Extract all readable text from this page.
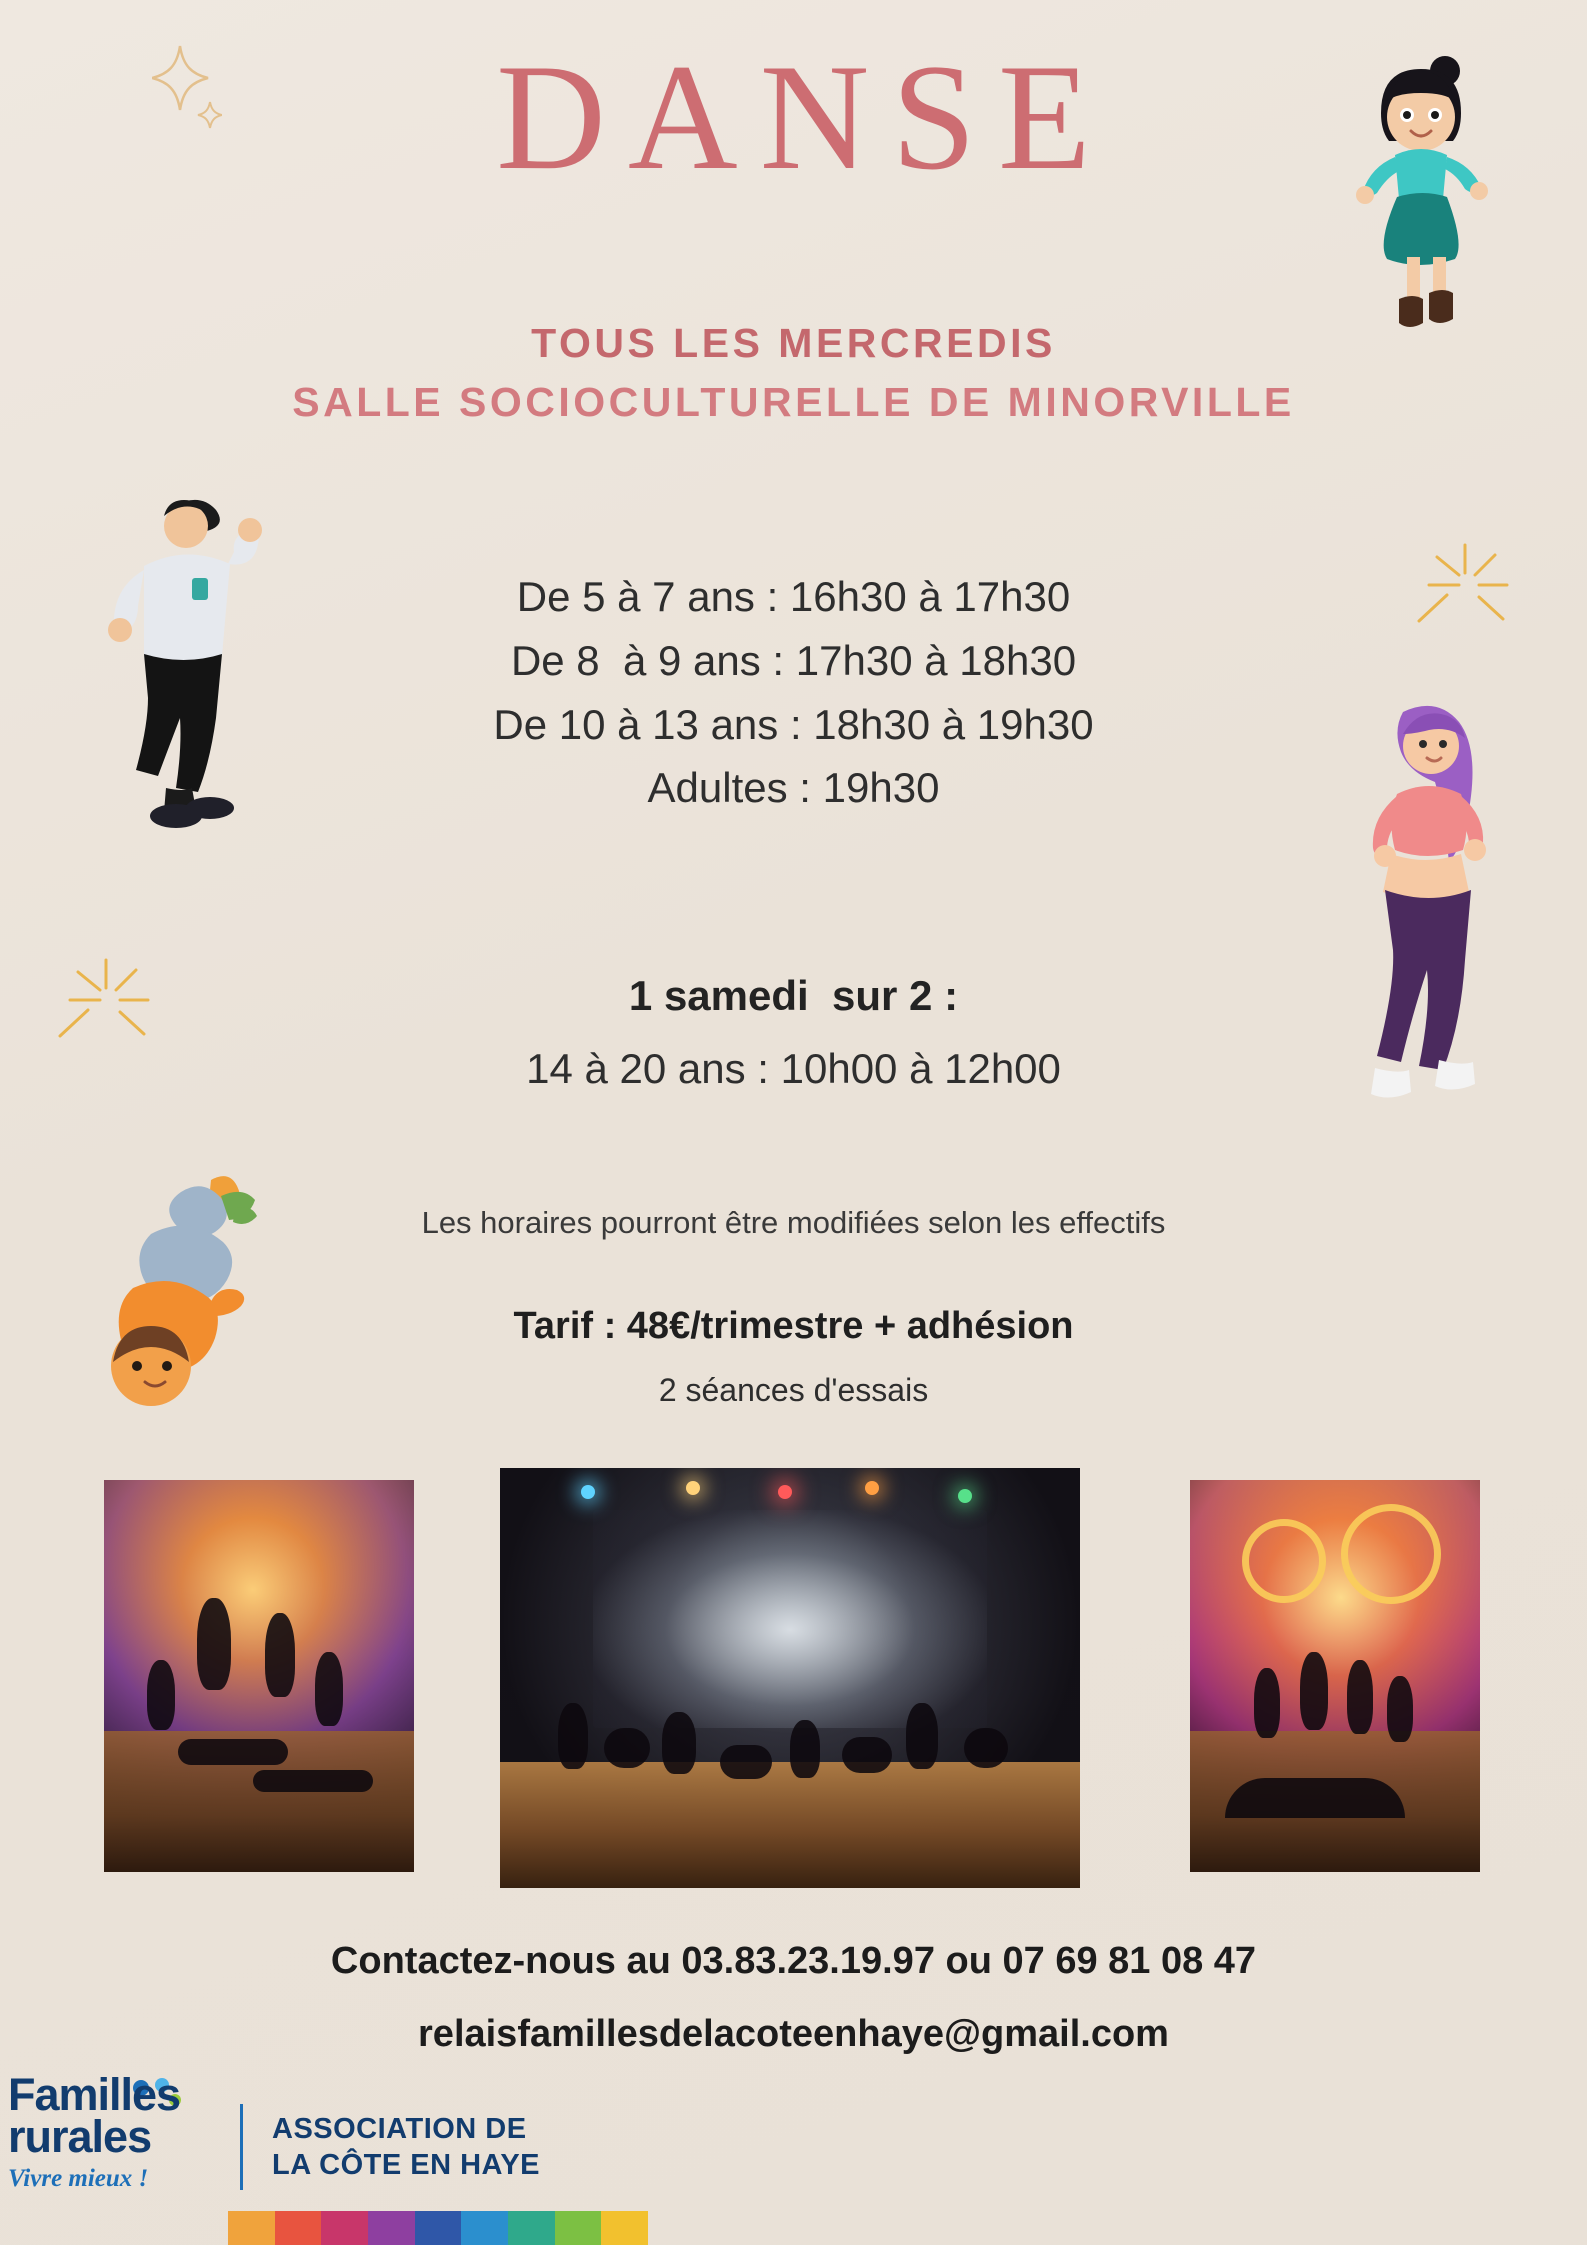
DANSE
TOUS LES MERCREDIS
SALLE SOCIOCULTURELLE DE MINORVILLE
De 5 à 7 ans : 16h30 à 17h30
De 8  à 9 ans : 17h30 à 18h30
De 10 à 13 ans : 18h30 à 19h30
Adultes : 19h30
1 samedi  sur 2 :
14 à 20 ans : 10h00 à 12h00
Les horaires pourront être modifiées selon les effectifs
Tarif : 48€/trimestre + adhésion
2 séances d'essais
Contactez-nous au 03.83.23.19.97 ou 07 69 81 08 47
relaisfamillesdelacoteenhaye@gmail.com
Familles
rurales
Vivre mieux !
ASSOCIATION DE
LA CÔTE EN HAYE
